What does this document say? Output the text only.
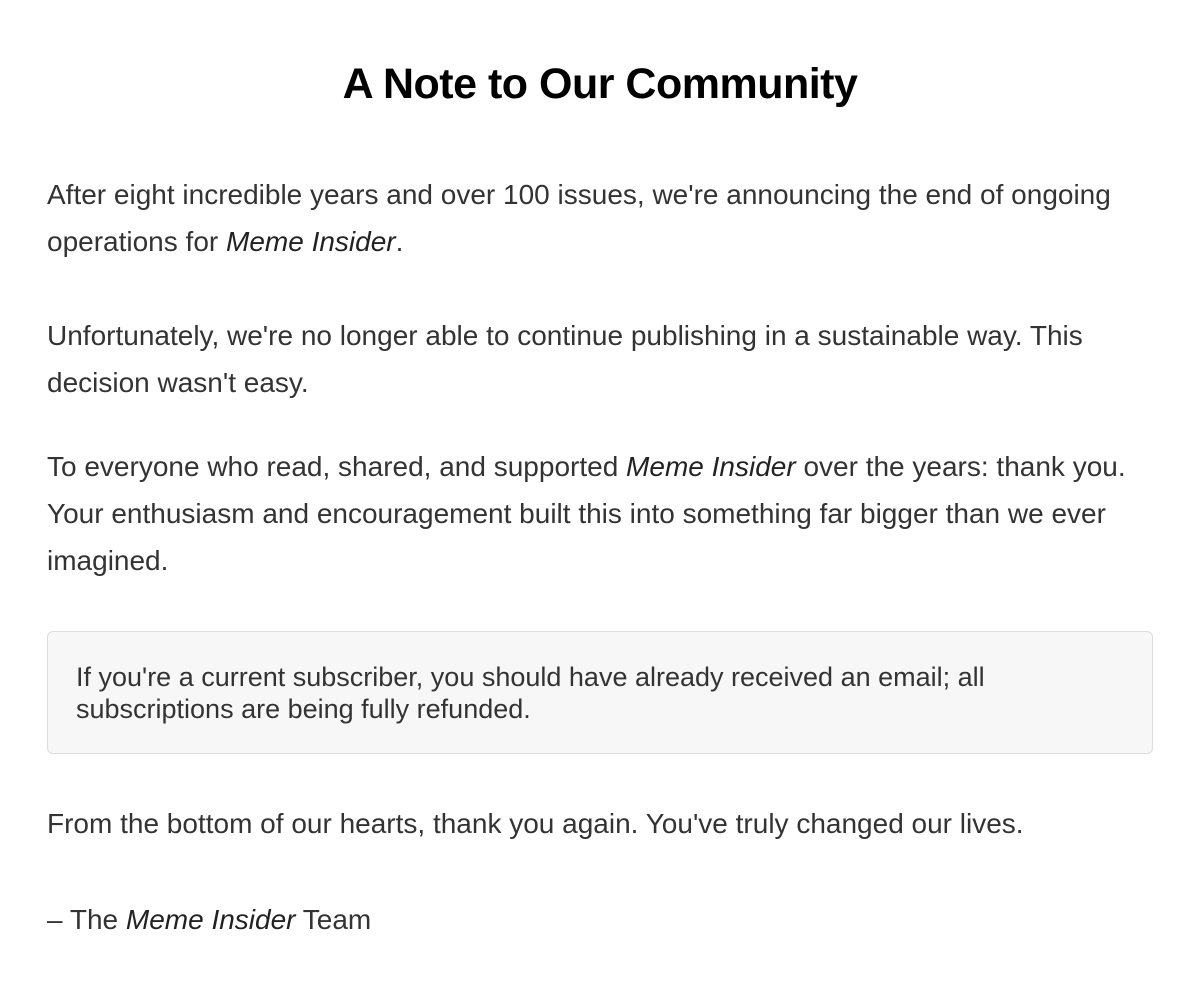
A Note to Our Community

After eight incredible years and over 100 issues, we're announcing the end of ongoing operations for Meme Insider.

Unfortunately, we're no longer able to continue publishing in a sustainable way. This decision wasn't easy.

To everyone who read, shared, and supported Meme Insider over the years: thank you. Your enthusiasm and encouragement built this into something far bigger than we ever imagined.

If you're a current subscriber, you should have already received an email; all subscriptions are being fully refunded.

From the bottom of our hearts, thank you again. You've truly changed our lives.

– The Meme Insider Team
